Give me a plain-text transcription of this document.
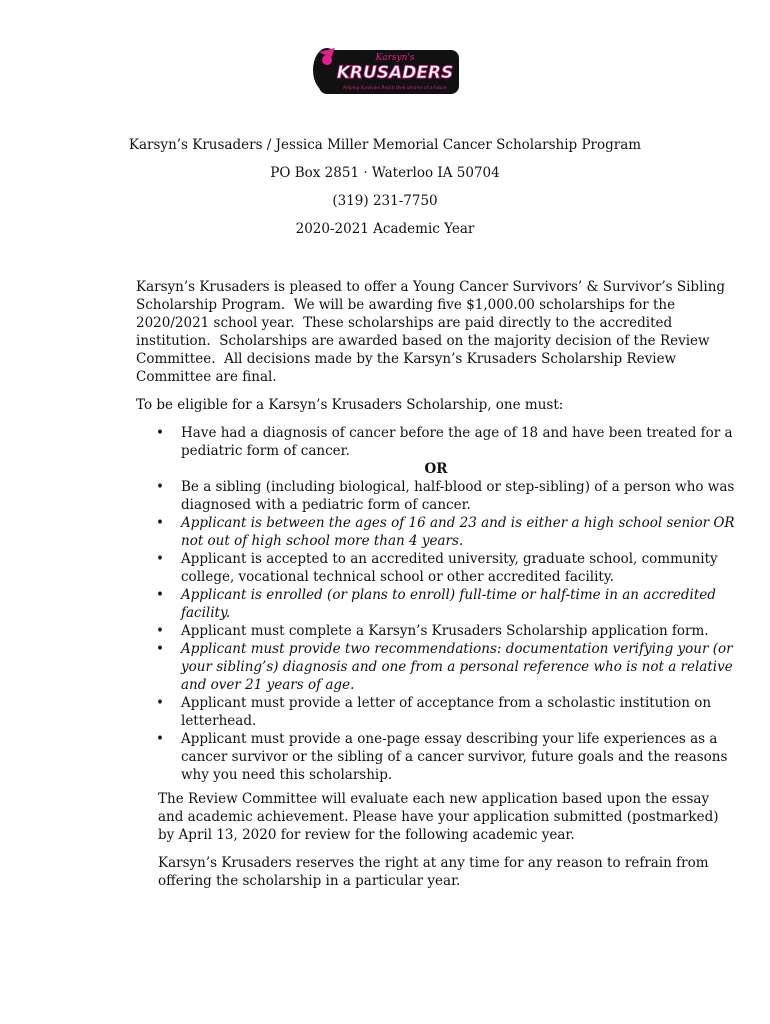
Karsyn's
KRUSADERS
Helping Survivors Reach their dreams of a Future
Karsyn’s Krusaders / Jessica Miller Memorial Cancer Scholarship Program
PO Box 2851 · Waterloo IA 50704
(319) 231-7750
2020-2021 Academic Year
Karsyn’s Krusaders is pleased to offer a Young Cancer Survivors’ & Survivor’s Sibling       Scholarship Program.  We will be awarding five $1,000.00 scholarships for the 2020/2021 school year.  These scholarships are paid directly to the accredited institution.  Scholarships are awarded based on the majority decision of the Review Committee.  All decisions made by the Karsyn’s Krusaders Scholarship Review Committee are final.
To be eligible for a Karsyn’s Krusaders Scholarship, one must:
• Have had a diagnosis of cancer before the age of 18 and have been treated for a pediatric form of cancer.
OR
• Be a sibling (including biological, half-blood or step-sibling) of a person who was diagnosed with a pediatric form of cancer.
• Applicant is between the ages of 16 and 23 and is either a high school senior OR not out of high school more than 4 years.
• Applicant is accepted to an accredited university, graduate school, community college, vocational technical school or other accredited facility.
• Applicant is enrolled (or plans to enroll) full-time or half-time in an accredited facility.
• Applicant must complete a Karsyn’s Krusaders Scholarship application form.
• Applicant must provide two recommendations: documentation verifying your (or your sibling’s) diagnosis and one from a personal reference who is not a relative and over 21 years of age.
• Applicant must provide a letter of acceptance from a scholastic institution on letterhead.
• Applicant must provide a one-page essay describing your life experiences as a cancer survivor or the sibling of a cancer survivor, future goals and the reasons why you need this scholarship.
The Review Committee will evaluate each new application based upon the essay and academic achievement. Please have your application submitted (postmarked) by April 13, 2020 for review for the following academic year.
Karsyn’s Krusaders reserves the right at any time for any reason to refrain from offering the scholarship in a particular year.
